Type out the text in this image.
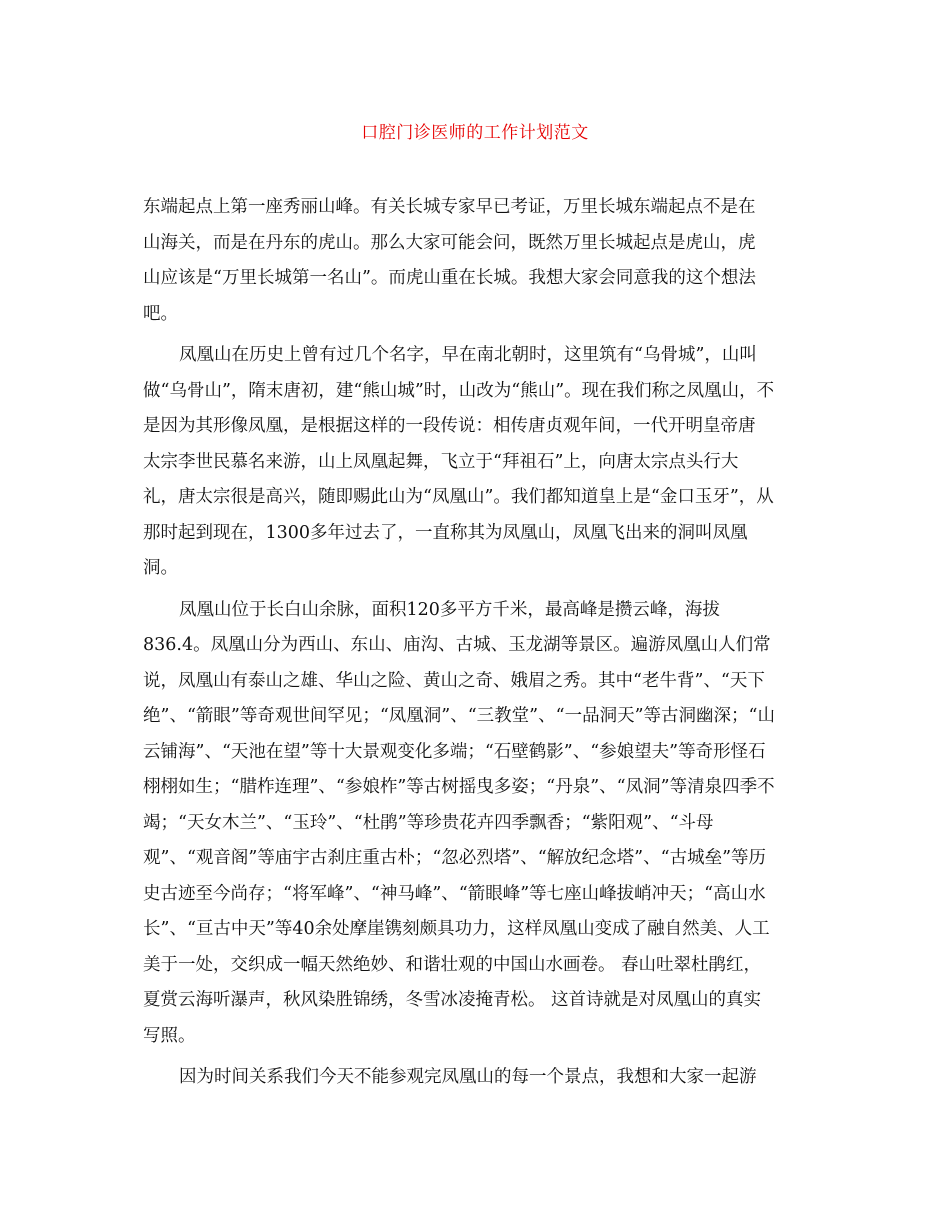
口腔门诊医师的工作计划范文
东端起点上第一座秀丽山峰。有关长城专家早已考证，万里长城东端起点不是在
山海关，而是在丹东的虎山。那么大家可能会问，既然万里长城起点是虎山，虎
山应该是“万里长城第一名山”。而虎山重在长城。我想大家会同意我的这个想法
吧。
凤凰山在历史上曾有过几个名字，早在南北朝时，这里筑有“乌骨城”，山叫
做“乌骨山”，隋末唐初，建“熊山城”时，山改为“熊山”。现在我们称之凤凰山，不
是因为其形像凤凰，是根据这样的一段传说：相传唐贞观年间，一代开明皇帝唐
太宗李世民慕名来游，山上凤凰起舞，飞立于“拜祖石”上，向唐太宗点头行大
礼，唐太宗很是高兴，随即赐此山为“凤凰山”。我们都知道皇上是“金口玉牙”，从
那时起到现在，1300多年过去了，一直称其为凤凰山，凤凰飞出来的洞叫凤凰
洞。
凤凰山位于长白山余脉，面积120多平方千米，最高峰是攒云峰，海拔
836.4。凤凰山分为西山、东山、庙沟、古城、玉龙湖等景区。遍游凤凰山人们常
说，凤凰山有泰山之雄、华山之险、黄山之奇、娥眉之秀。其中“老牛背”、“天下
绝”、“箭眼”等奇观世间罕见；“凤凰洞”、“三教堂”、“一品洞天”等古洞幽深；“山
云铺海”、“天池在望”等十大景观变化多端；“石壁鹤影”、“参娘望夫”等奇形怪石
栩栩如生；“腊柞连理”、“参娘柞”等古树摇曳多姿；“丹泉”、“凤洞”等清泉四季不
竭；“天女木兰”、“玉玲”、“杜鹃”等珍贵花卉四季飘香；“紫阳观”、“斗母
观”、“观音阁”等庙宇古刹庄重古朴；“忽必烈塔”、“解放纪念塔”、“古城垒”等历
史古迹至今尚存；“将军峰”、“神马峰”、“箭眼峰”等七座山峰拔峭冲天；“高山水
长”、“亘古中天”等40余处摩崖镌刻颇具功力，这样凤凰山变成了融自然美、人工
美于一处，交织成一幅天然绝妙、和谐壮观的中国山水画卷。 春山吐翠杜鹃红，
夏赏云海听瀑声，秋风染胜锦绣，冬雪冰凌掩青松。 这首诗就是对凤凰山的真实
写照。
因为时间关系我们今天不能参观完凤凰山的每一个景点，我想和大家一起游
